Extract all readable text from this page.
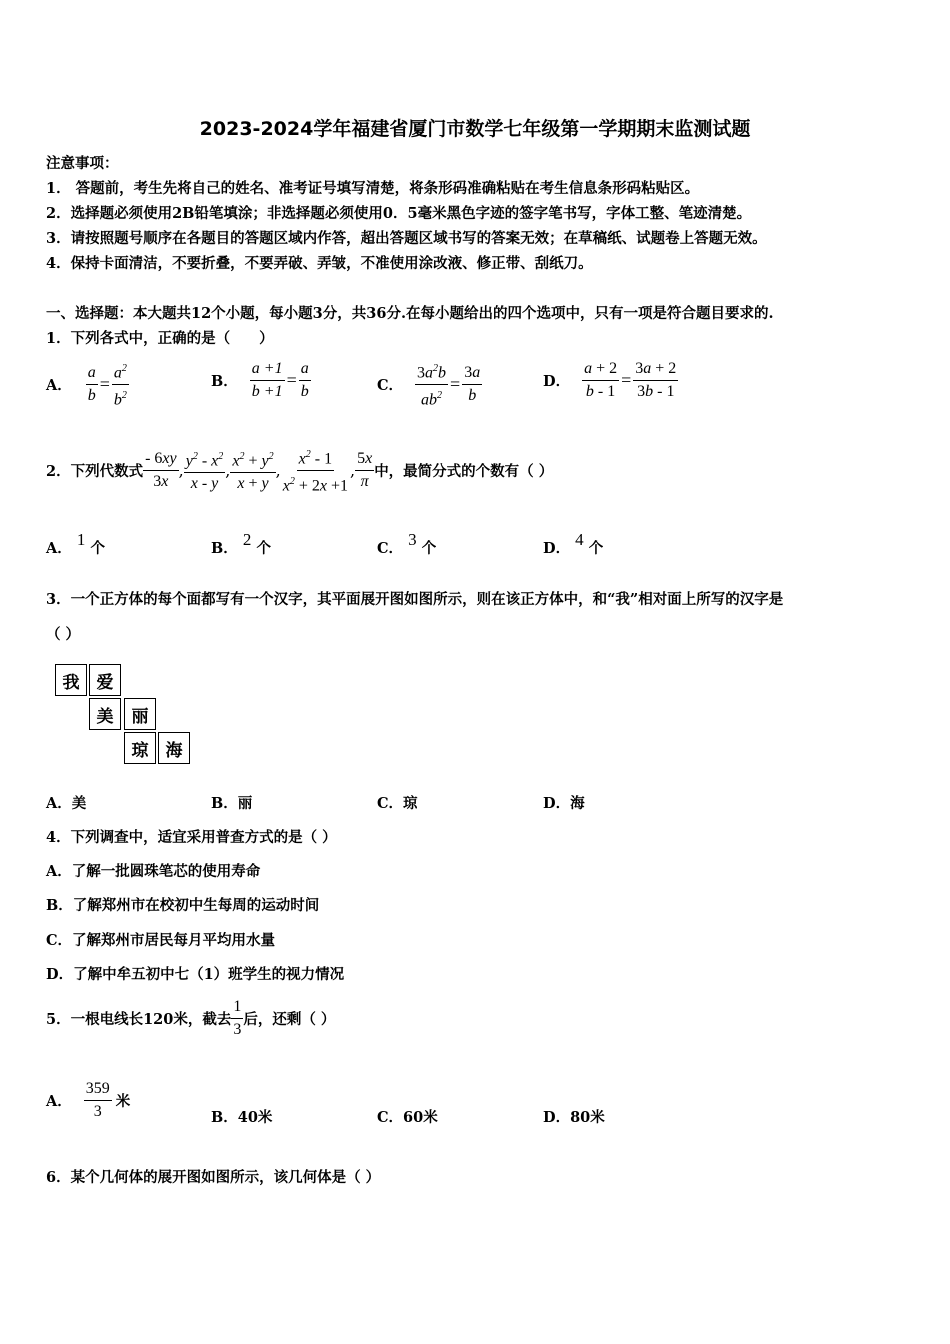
2023-2024学年福建省厦门市数学七年级第一学期期末监测试题
注意事项：
1． 答题前，考生先将自己的姓名、准考证号填写清楚，将条形码准确粘贴在考生信息条形码粘贴区。
2．选择题必须使用2B铅笔填涂；非选择题必须使用0．5毫米黑色字迹的签字笔书写，字体工整、笔迹清楚。
3．请按照题号顺序在各题目的答题区域内作答，超出答题区域书写的答案无效；在草稿纸、试题卷上答题无效。
4．保持卡面清洁，不要折叠，不要弄破、弄皱，不准使用涂改液、修正带、刮纸刀。
一、选择题：本大题共12个小题，每小题3分，共36分.在每小题给出的四个选项中，只有一项是符合题目要求的.
1．下列各式中，正确的是（　　）
A． $\frac{a}{b} = \frac{a^2}{b^2}$	B． $\frac{a +1}{b +1} = \frac{a}{b}$	C． $\frac{3a^2b}{ab^2} = \frac{3a}{b}$	D． $\frac{a + 2}{b - 1} = \frac{3a + 2}{3b - 1}$
2．下列代数式 $\frac{- 6xy}{3x}$ , $\frac{y^2 - x^2}{x - y}$ , $\frac{x^2 + y^2}{x + y}$ , $\frac{x^2 - 1}{x^2 + 2x +1}$ , $\frac{5x}{\pi}$ 中，最简分式的个数有（ ）
A． 1 个	B． 2 个	C． 3 个	D． 4 个
3．一个正方体的每个面都写有一个汉字，其平面展开图如图所示，则在该正方体中，和“我”相对面上所写的汉字是
（ ）
我	爱
美	丽
琼	海
A．美	B．丽	C．琼	D．海
4．下列调查中，适宜采用普查方式的是（ ）
A．了解一批圆珠笔芯的使用寿命
B．了解郑州市在校初中生每周的运动时间
C．了解郑州市居民每月平均用水量
D．了解中牟五初中七（1）班学生的视力情况
5．一根电线长120米，截去 $\frac{1}{3}$ 后，还剩（ ）
A． $\frac{359}{3}$ 米
B．40米	C．60米	D．80米
6．某个几何体的展开图如图所示，该几何体是（ ）
